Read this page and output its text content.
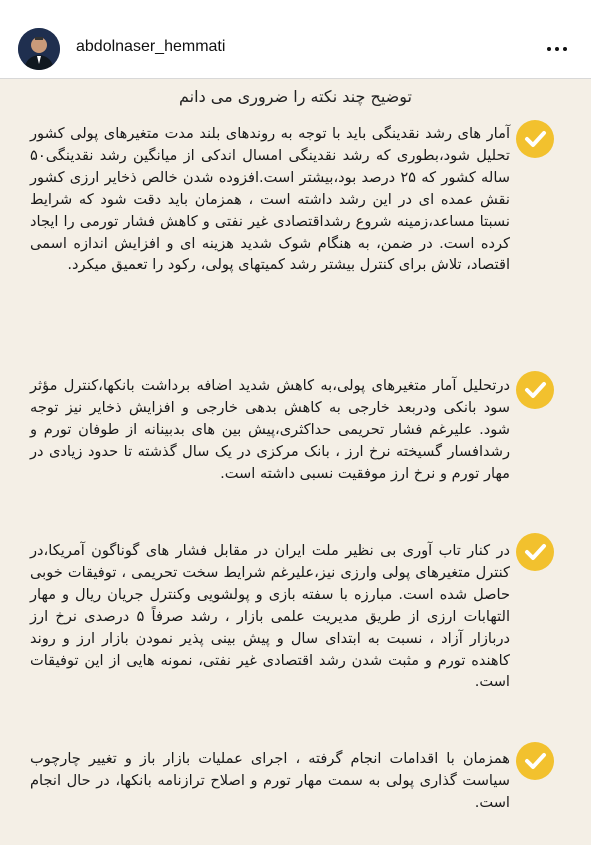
abdolnaser_hemmati
توضیح چند نکته را ضروری می دانم

آمار های رشد نقدینگی باید با توجه به روندهای بلند مدت متغیرهای پولی کشور تحلیل شود،بطوری که رشد نقدینگی امسال اندکی از میانگین رشد نقدینگی۵۰ ساله کشور که ۲۵ درصد بود،بیشتر است.افزوده شدن خالص ذخایر ارزی کشور نقش عمده ای در این رشد داشته است ، همزمان باید دقت شود که شرایط نسبتا مساعد،زمینه شروع رشداقتصادی غیر نفتی و کاهش فشار تورمی را ایجاد کرده است. در ضمن، به هنگام شوک شدید هزینه ای و افزایش اندازه اسمی اقتصاد، تلاش برای کنترل بیشتر رشد کمیتهای پولی، رکود را تعمیق میکرد.

درتحلیل آمار متغیرهای پولی،به کاهش شدید اضافه برداشت بانکها،کنترل مؤثر سود بانکی ودربعد خارجی به کاهش بدهی خارجی و افزایش ذخایر نیز توجه شود. علیرغم فشار تحریمی حداکثری،پیش بین های بدبینانه از طوفان تورم و رشدافسار گسیخته نرخ ارز ، بانک مرکزی در یک سال گذشته تا حدود زیادی در مهار تورم و نرخ ارز موفقیت نسبی داشته است.

در کنار تاب آوری بی نظیر ملت ایران در مقابل فشار های گوناگون آمریکا،در کنترل متغیرهای پولی وارزی نیز،علیرغم شرایط سخت تحریمی ، توفیقات خوبی حاصل شده است. مبارزه با سفته بازی و پولشویی وکنترل جریان ریال و مهار التهابات ارزی از طریق مدیریت علمی بازار ، رشد صرفاً ۵ درصدی نرخ ارز دربازار آزاد ، نسبت به ابتدای سال و پیش بینی پذیر نمودن بازار ارز و روند کاهنده تورم و مثبت شدن رشد اقتصادی غیر نفتی، نمونه هایی از این توفیقات است.

همزمان با اقدامات انجام گرفته ، اجرای عملیات بازار باز و تغییر چارچوب سیاست گذاری پولی به سمت مهار تورم و اصلاح ترازنامه بانکها، در حال انجام است.
